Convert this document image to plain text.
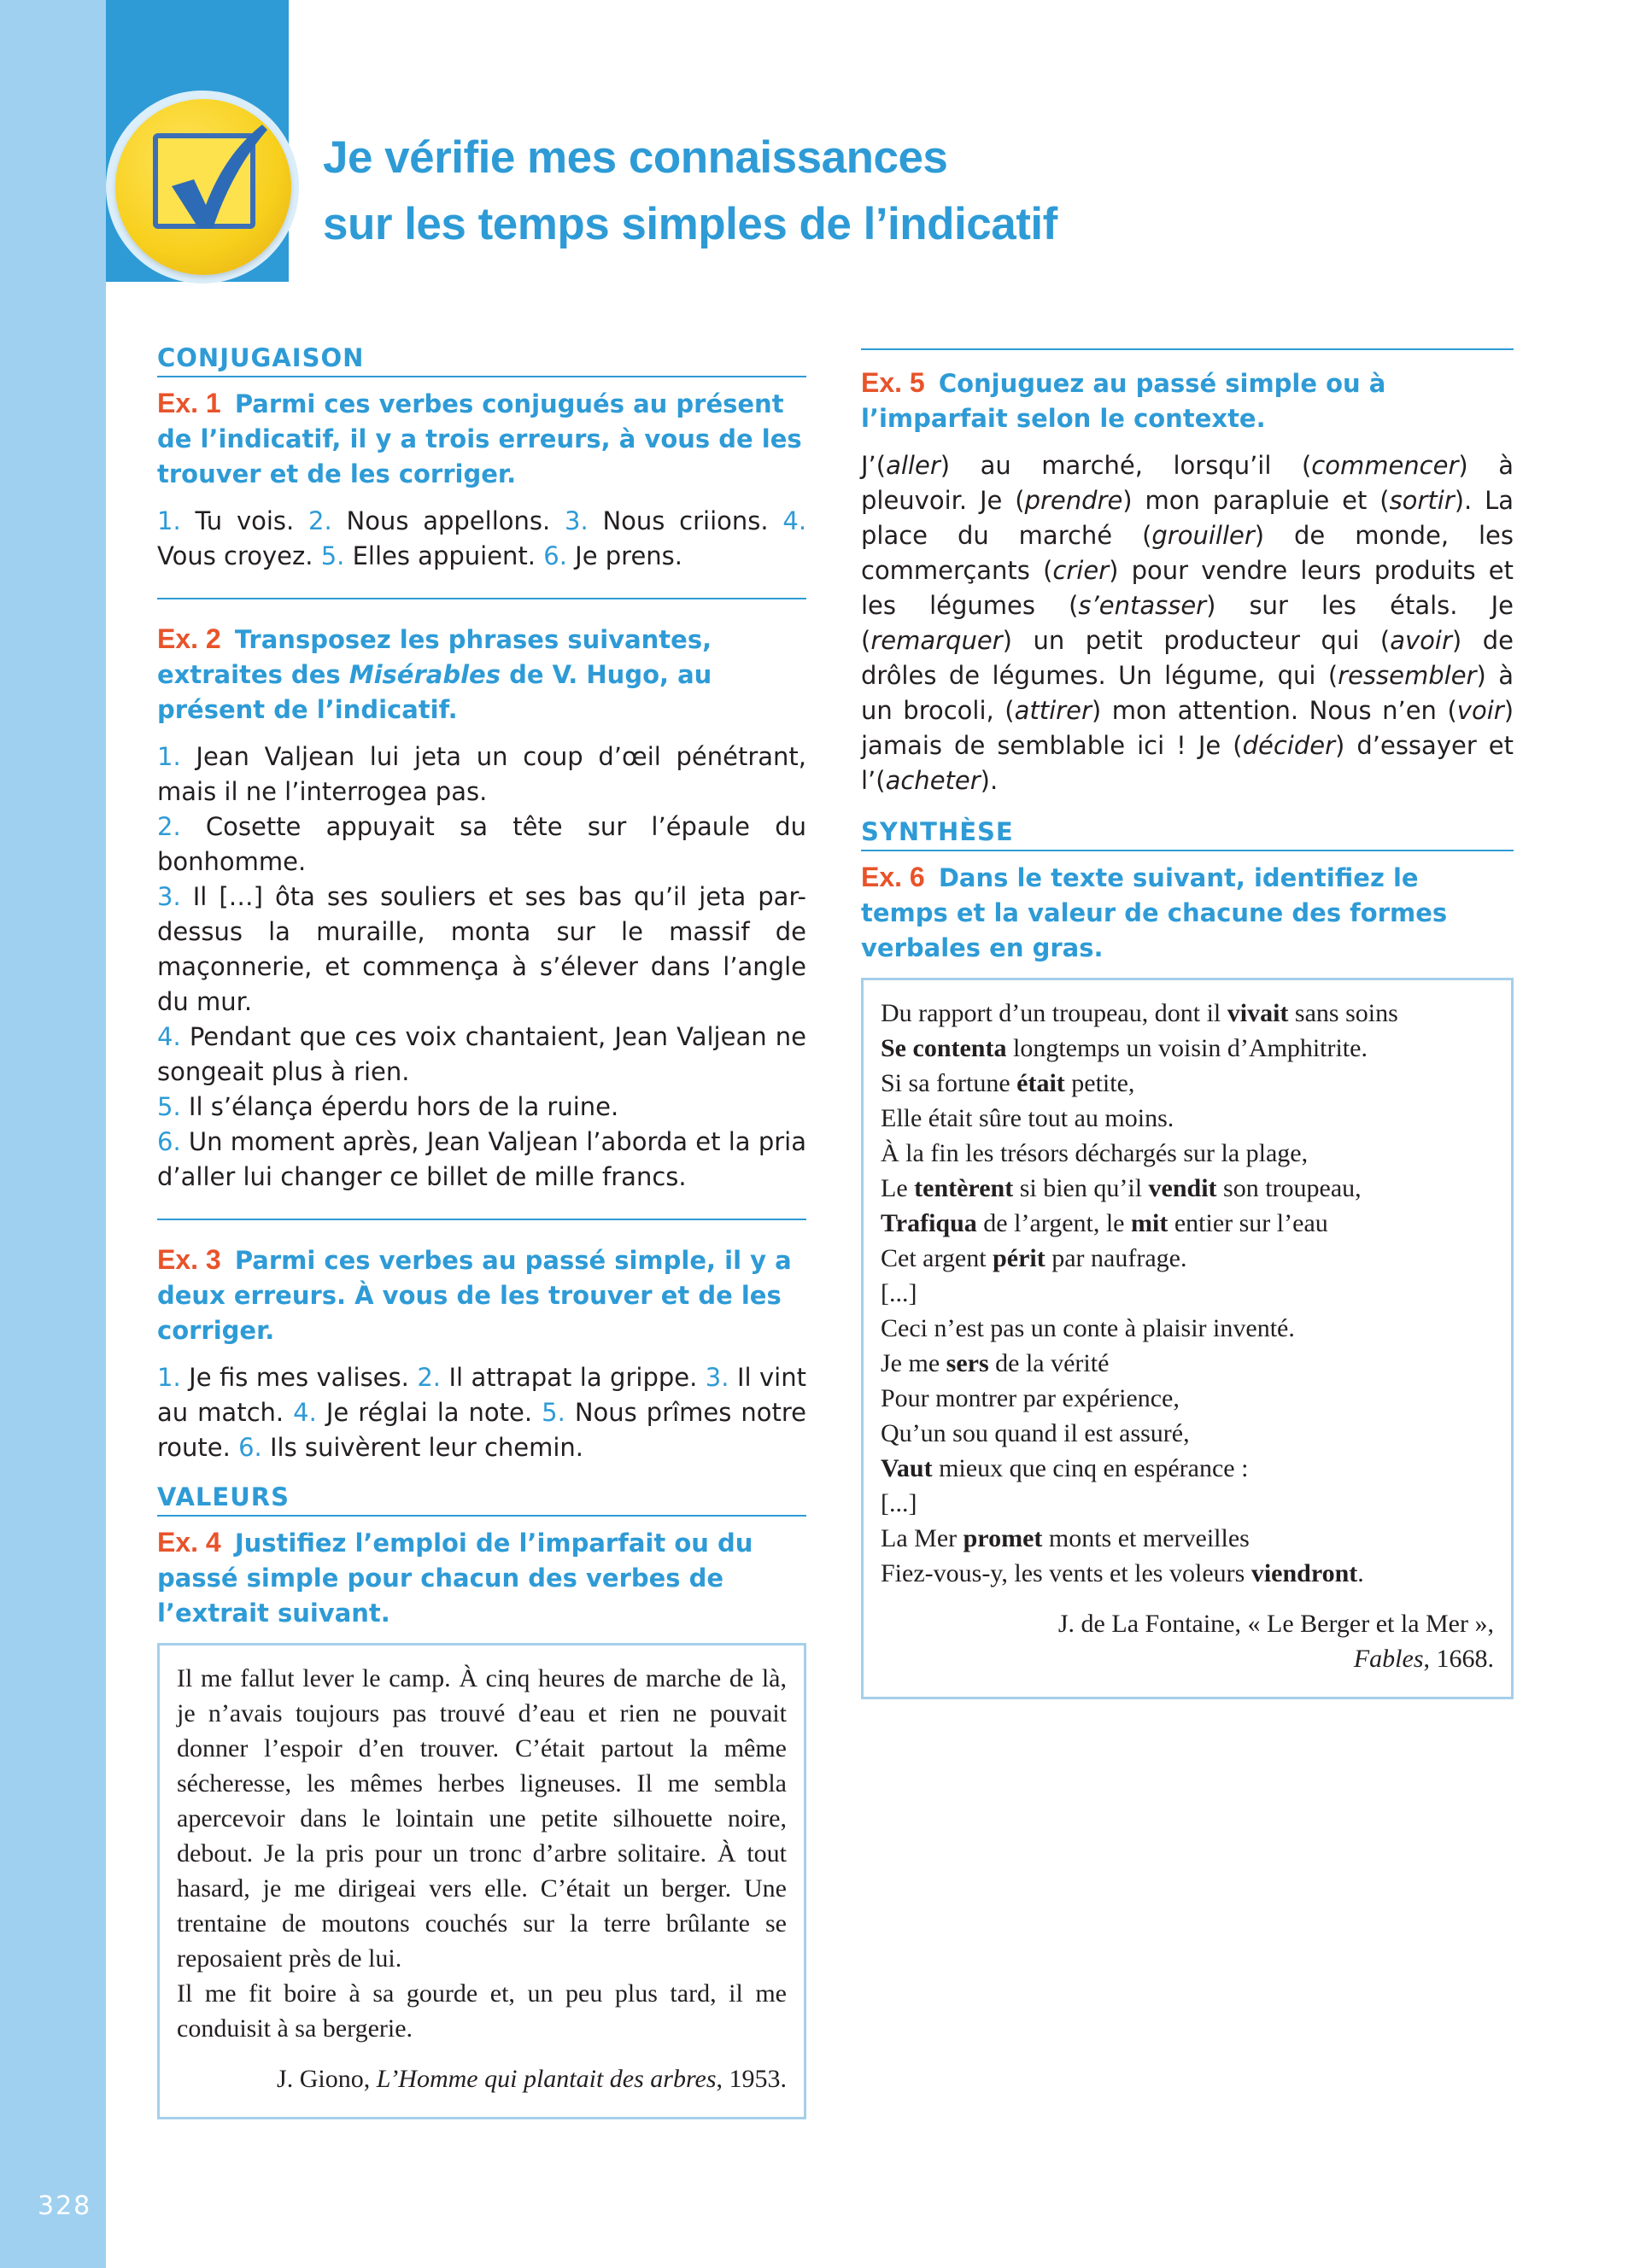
Je vérifie mes connaissances
sur les temps simples de l’indicatif
CONJUGAISON

Ex. 1 Parmi ces verbes conjugués au présent de l’indicatif, il y a trois erreurs, à vous de les trouver et de les corriger.

1. Tu vois. 2. Nous appellons. 3. Nous criions. 4. Vous croyez. 5. Elles appuient. 6. Je prens.

Ex. 2 Transposez les phrases suivantes, extraites des Misérables de V. Hugo, au présent de l’indicatif.

1. Jean Valjean lui jeta un coup d’œil pénétrant, mais il ne l’interrogea pas.
2. Cosette appuyait sa tête sur l’épaule du bonhomme.
3. Il […] ôta ses souliers et ses bas qu’il jeta par-dessus la muraille, monta sur le massif de maçonnerie, et commença à s’élever dans l’angle du mur.
4. Pendant que ces voix chantaient, Jean Valjean ne songeait plus à rien.
5. Il s’élança éperdu hors de la ruine.
6. Un moment après, Jean Valjean l’aborda et la pria d’aller lui changer ce billet de mille francs.

Ex. 3 Parmi ces verbes au passé simple, il y a deux erreurs. À vous de les trouver et de les corriger.

1. Je fis mes valises. 2. Il attrapat la grippe. 3. Il vint au match. 4. Je réglai la note. 5. Nous prîmes notre route. 6. Ils suivèrent leur chemin.

VALEURS

Ex. 4 Justifiez l’emploi de l’imparfait ou du passé simple pour chacun des verbes de l’extrait suivant.

Il me fallut lever le camp. À cinq heures de marche de là, je n’avais toujours pas trouvé d’eau et rien ne pouvait donner l’espoir d’en trouver. C’était partout la même sécheresse, les mêmes herbes ligneuses. Il me sembla apercevoir dans le lointain une petite silhouette noire, debout. Je la pris pour un tronc d’arbre solitaire. À tout hasard, je me dirigeai vers elle. C’était un berger. Une trentaine de moutons couchés sur la terre brûlante se reposaient près de lui.
Il me fit boire à sa gourde et, un peu plus tard, il me conduisit à sa bergerie.
J. Giono, L’Homme qui plantait des arbres, 1953.

Ex. 5 Conjuguez au passé simple ou à l’imparfait selon le contexte.

J’(aller) au marché, lorsqu’il (commencer) à pleuvoir. Je (prendre) mon parapluie et (sortir). La place du marché (grouiller) de monde, les commerçants (crier) pour vendre leurs produits et les légumes (s’entasser) sur les étals. Je (remarquer) un petit producteur qui (avoir) de drôles de légumes. Un légume, qui (ressembler) à un brocoli, (attirer) mon attention. Nous n’en (voir) jamais de semblable ici ! Je (décider) d’essayer et l’(acheter).

SYNTHÈSE

Ex. 6 Dans le texte suivant, identifiez le temps et la valeur de chacune des formes verbales en gras.

Du rapport d’un troupeau, dont il vivait sans soins
Se contenta longtemps un voisin d’Amphitrite.
Si sa fortune était petite,
Elle était sûre tout au moins.
À la fin les trésors déchargés sur la plage,
Le tentèrent si bien qu’il vendit son troupeau,
Trafiqua de l’argent, le mit entier sur l’eau
Cet argent périt par naufrage.
[...]
Ceci n’est pas un conte à plaisir inventé.
Je me sers de la vérité
Pour montrer par expérience,
Qu’un sou quand il est assuré,
Vaut mieux que cinq en espérance :
[...]
La Mer promet monts et merveilles
Fiez-vous-y, les vents et les voleurs viendront.
J. de La Fontaine, « Le Berger et la Mer »,
Fables, 1668.
328
